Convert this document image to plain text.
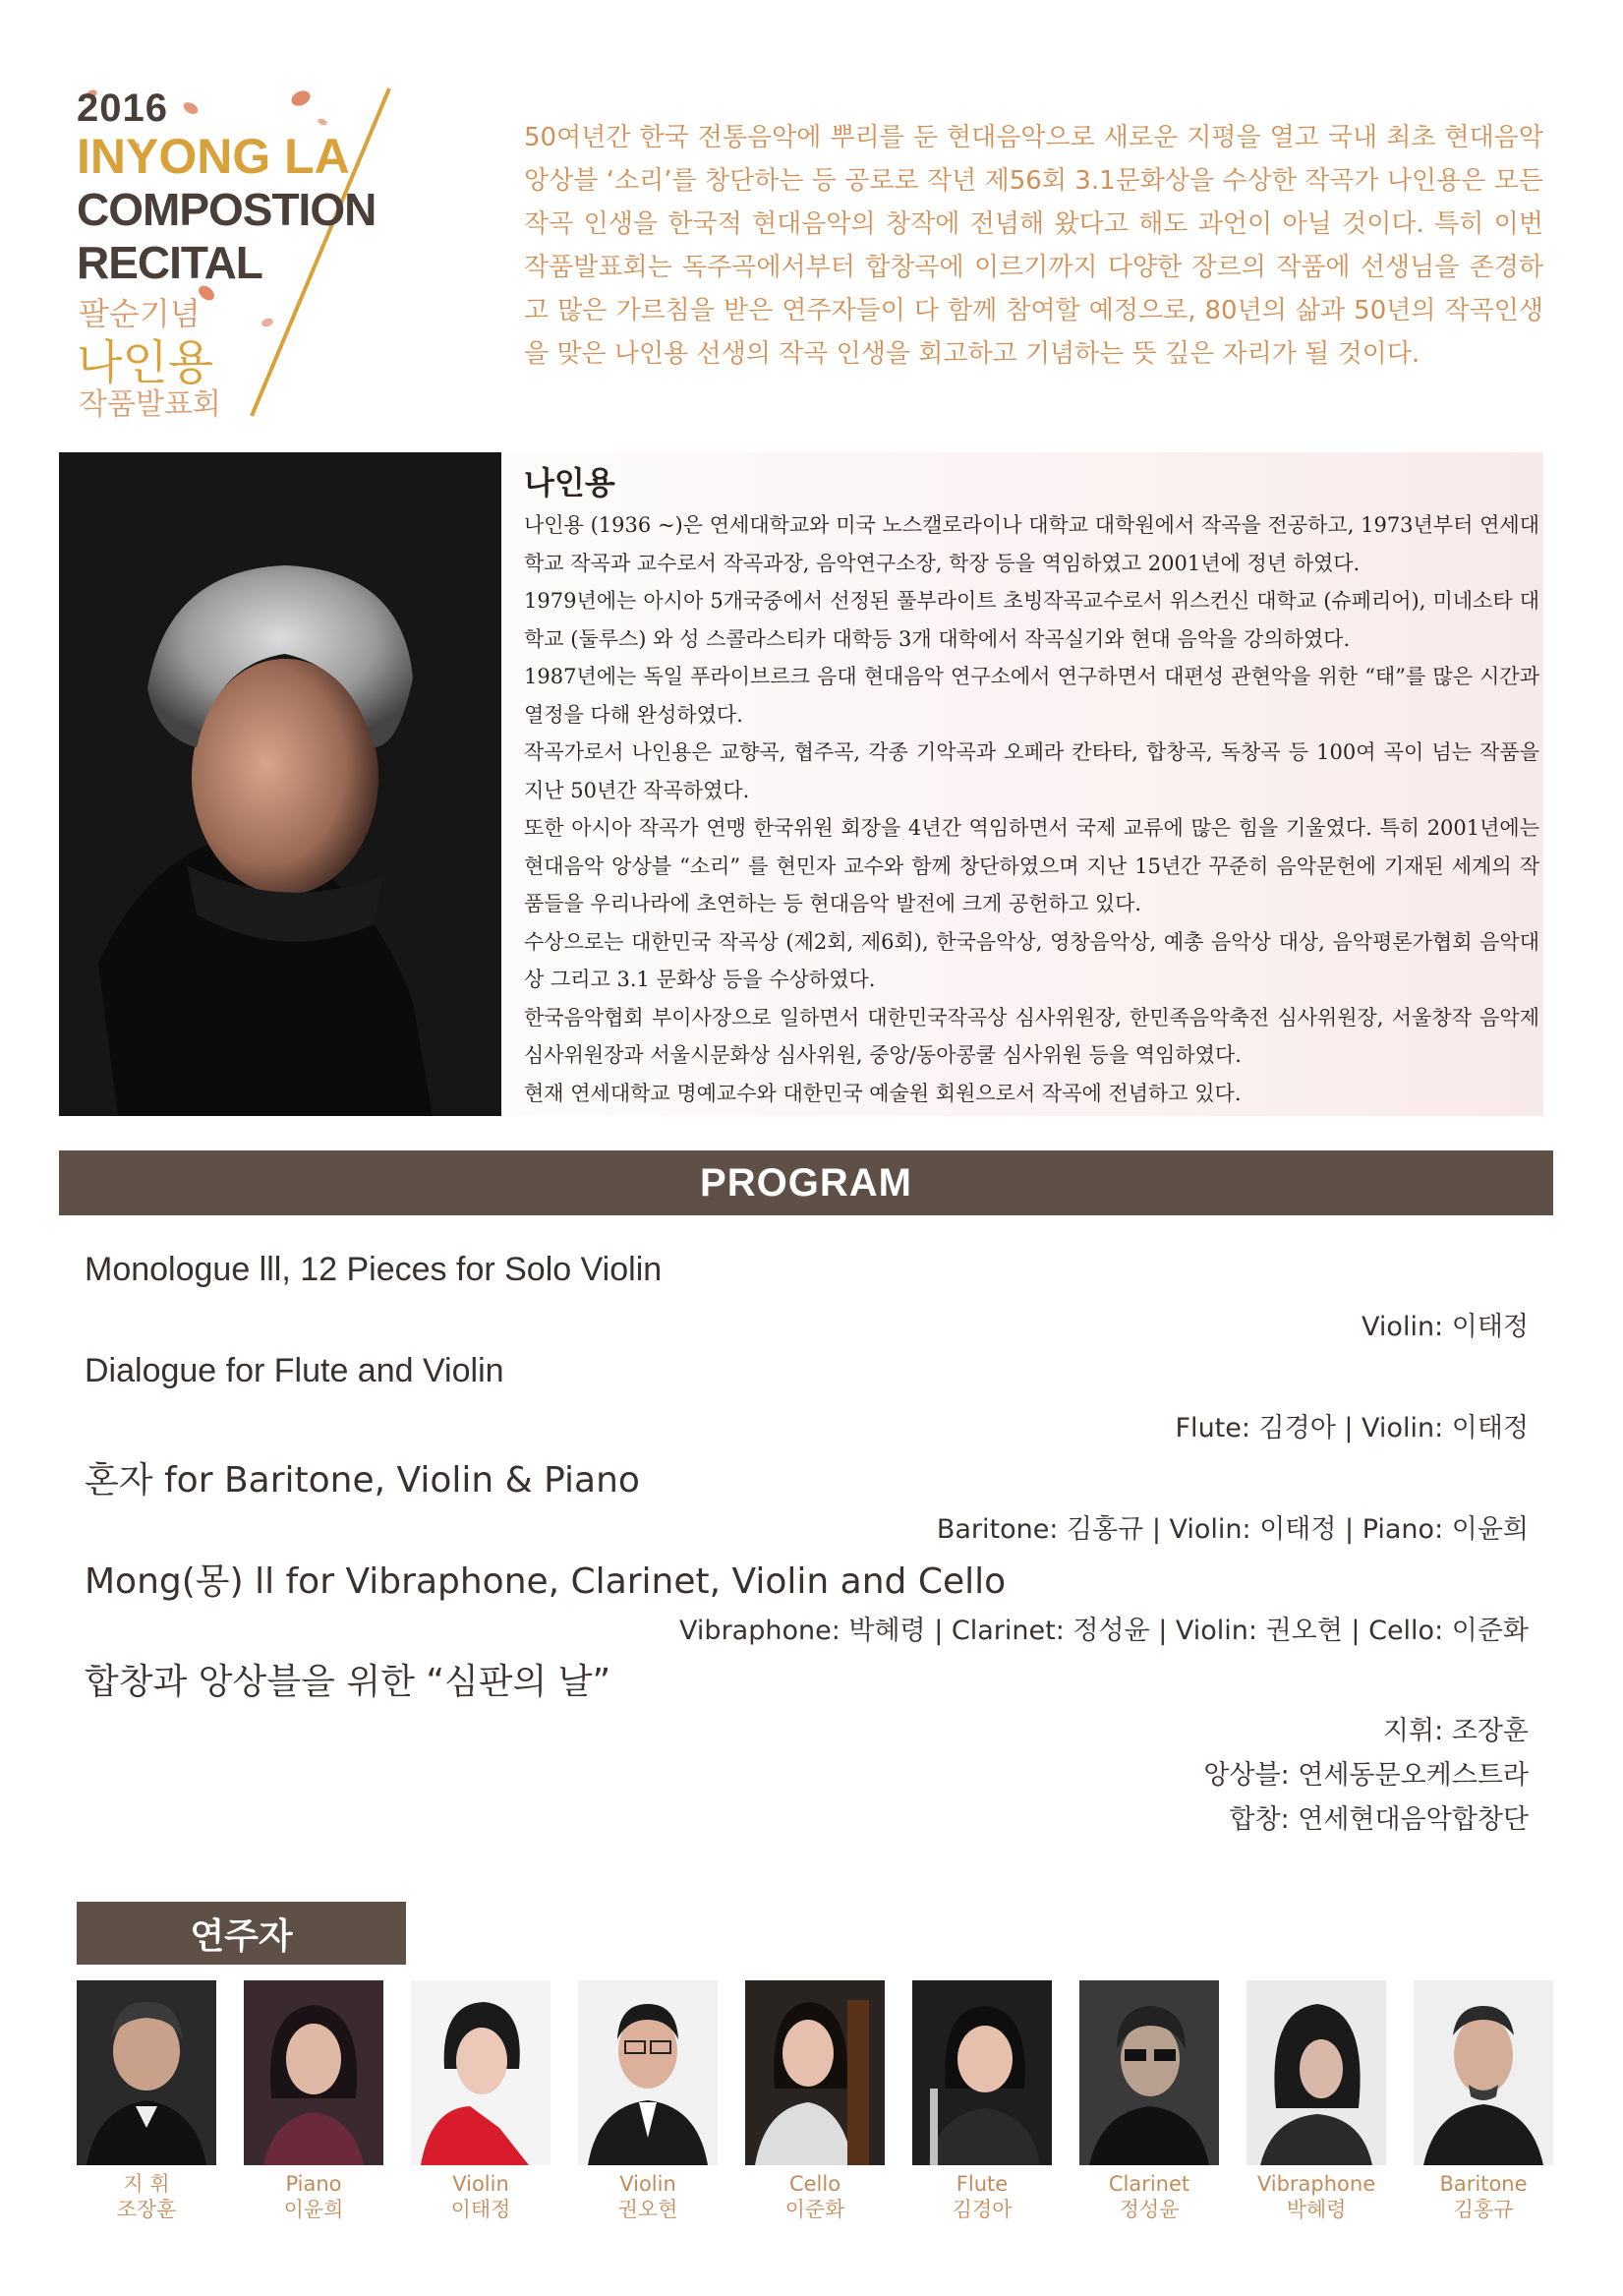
2016
INYONG LA
COMPOSTION
RECITAL
팔순기념
나인용
작품발표회
50여년간 한국 전통음악에 뿌리를 둔 현대음악으로 새로운 지평을 열고 국내 최초 현대음악 앙상블 ‘소리’를 창단하는 등 공로로 작년 제56회 3.1문화상을 수상한 작곡가 나인용은 모든 작곡 인생을 한국적 현대음악의 창작에 전념해 왔다고 해도 과언이 아닐 것이다. 특히 이번 작품발표회는 독주곡에서부터 합창곡에 이르기까지 다양한 장르의 작품에 선생님을 존경하고 많은 가르침을 받은 연주자들이 다 함께 참여할 예정으로, 80년의 삶과 50년의 작곡인생을 맞은 나인용 선생의 작곡 인생을 회고하고 기념하는 뜻 깊은 자리가 될 것이다.
나인용

나인용 (1936 ~)은 연세대학교와 미국 노스캘로라이나 대학교 대학원에서 작곡을 전공하고, 1973년부터 연세대학교 작곡과 교수로서 작곡과장, 음악연구소장, 학장 등을 역임하였고 2001년에 정년 하였다.

1979년에는 아시아 5개국중에서 선정된 풀부라이트 초빙작곡교수로서 위스컨신 대학교 (슈페리어), 미네소타 대학교 (둘루스) 와 성 스콜라스티카 대학등 3개 대학에서 작곡실기와 현대 음악을 강의하였다.

1987년에는 독일 푸라이브르크 음대 현대음악 연구소에서 연구하면서 대편성 관현악을 위한 “태”를 많은 시간과 열정을 다해 완성하였다.

작곡가로서 나인용은 교향곡, 협주곡, 각종 기악곡과 오페라 칸타타, 합창곡, 독창곡 등 100여 곡이 넘는 작품을 지난 50년간 작곡하였다.

또한 아시아 작곡가 연맹 한국위원 회장을 4년간 역임하면서 국제 교류에 많은 힘을 기울였다. 특히 2001년에는 현대음악 앙상블 “소리” 를 현민자 교수와 함께 창단하였으며 지난 15년간 꾸준히 음악문헌에 기재된 세계의 작품들을 우리나라에 초연하는 등 현대음악 발전에 크게 공헌하고 있다.

수상으로는 대한민국 작곡상 (제2회, 제6회), 한국음악상, 영창음악상, 예총 음악상 대상, 음악평론가협회 음악대상 그리고 3.1 문화상 등을 수상하였다.

한국음악협회 부이사장으로 일하면서 대한민국작곡상 심사위원장, 한민족음악축전 심사위원장, 서울창작 음악제 심사위원장과 서울시문화상 심사위원, 중앙/동아콩쿨 심사위원 등을 역임하였다.

현재 연세대학교 명예교수와 대한민국 예술원 회원으로서 작곡에 전념하고 있다.

PROGRAM
Monologue lll, 12 Pieces for Solo Violin
Violin: 이태정
Dialogue for Flute and Violin
Flute: 김경아 | Violin: 이태정
혼자 for Baritone, Violin & Piano
Baritone: 김홍규 | Violin: 이태정 | Piano: 이윤희
Mong(몽) ll for Vibraphone, Clarinet, Violin and Cello
Vibraphone: 박혜령 | Clarinet: 정성윤 | Violin: 권오현 | Cello: 이준화
합창과 앙상블을 위한 “심판의 날”
지휘: 조장훈
앙상블: 연세동문오케스트라
합창: 연세현대음악합창단
연주자
지 휘
조장훈
Piano
이윤희
Violin
이태정
Violin
권오현
Cello
이준화
Flute
김경아
Clarinet
정성윤
Vibraphone
박혜령
Baritone
김홍규
